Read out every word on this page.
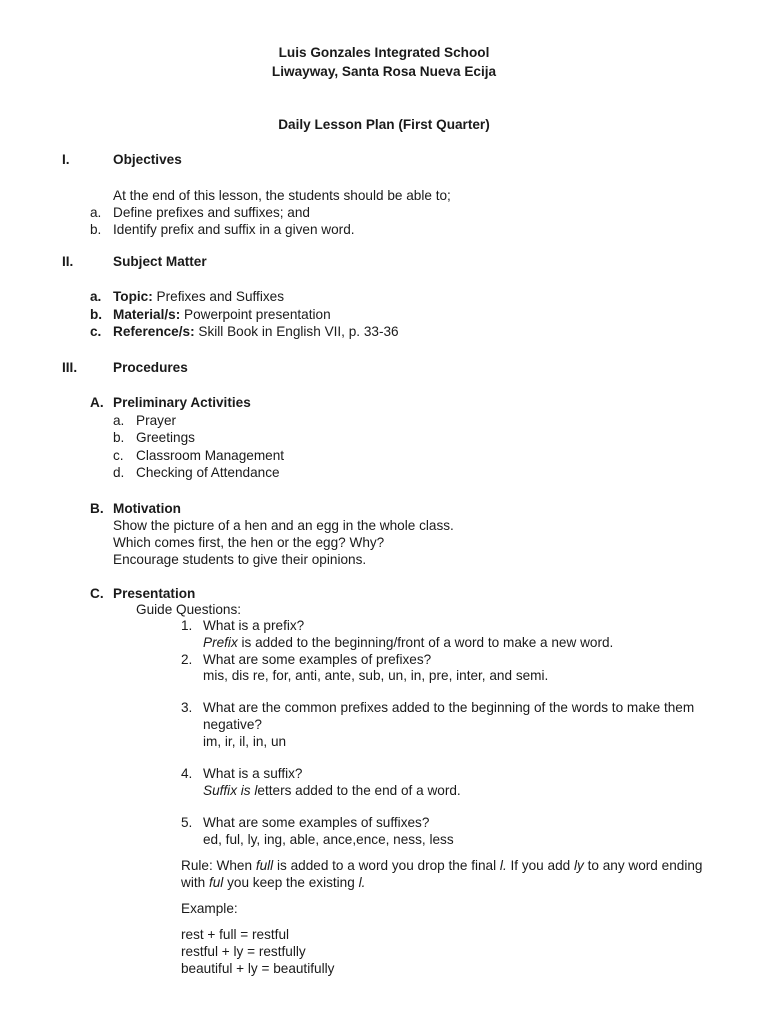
Luis Gonzales Integrated School
Liwayway, Santa Rosa Nueva Ecija
Daily Lesson Plan (First Quarter)
I.	Objectives
At the end of this lesson, the students should be able to;
a. Define prefixes and suffixes; and
b. Identify prefix and suffix in a given word.
II.	Subject Matter
a. Topic: Prefixes and Suffixes
b. Material/s: Powerpoint presentation
c. Reference/s: Skill Book in English VII, p. 33-36
III.	Procedures
A. Preliminary Activities
a. Prayer
b. Greetings
c. Classroom Management
d. Checking of Attendance
B. Motivation
Show the picture of a hen and an egg in the whole class.
Which comes first, the hen or the egg? Why?
Encourage students to give their opinions.
C. Presentation
Guide Questions:
1. What is a prefix?
Prefix is added to the beginning/front of a word to make a new word.
2. What are some examples of prefixes?
mis, dis re, for, anti, ante, sub, un, in, pre, inter, and semi.
3. What are the common prefixes added to the beginning of the words to make them
negative?
im, ir, il, in, un
4. What is a suffix?
Suffix is letters added to the end of a word.
5. What are some examples of suffixes?
ed, ful, ly, ing, able, ance,ence, ness, less
Rule: When full is added to a word you drop the final l. If you add ly to any word ending
with ful you keep the existing l.
Example:
rest + full = restful
restful + ly = restfully
beautiful + ly = beautifully
